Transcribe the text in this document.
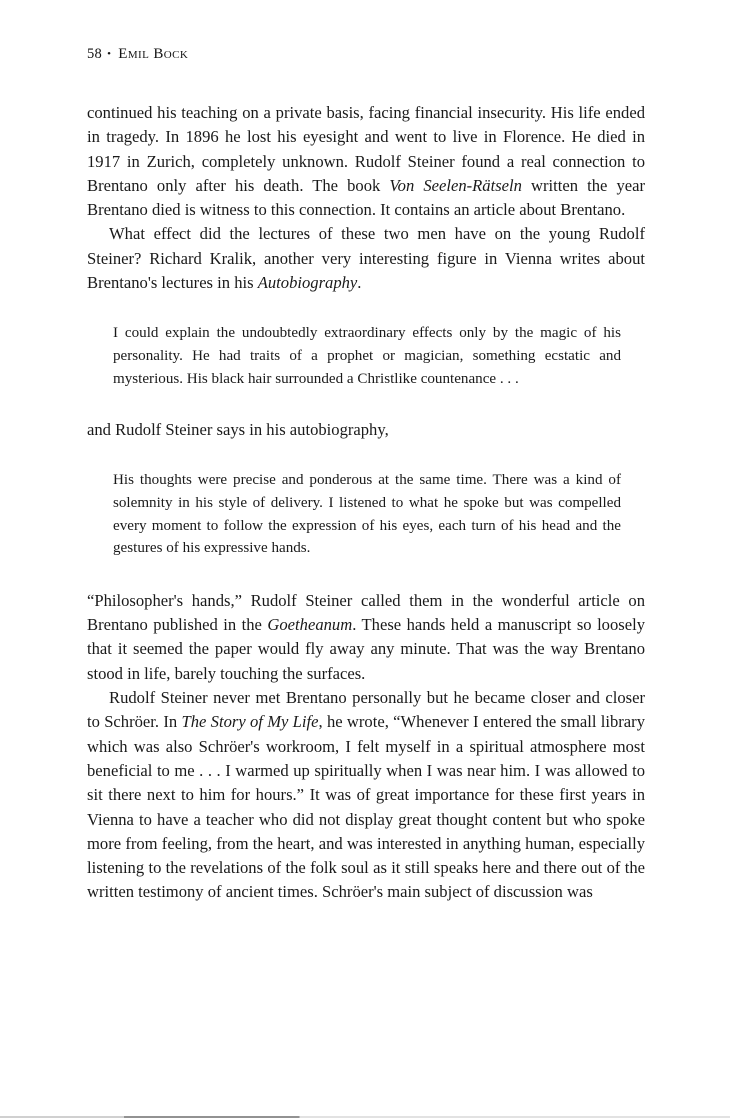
58 • Emil Bock

continued his teaching on a private basis, facing financial insecurity. His life ended in tragedy. In 1896 he lost his eyesight and went to live in Florence. He died in 1917 in Zurich, completely unknown. Rudolf Steiner found a real connection to Brentano only after his death. The book Von Seelen-Rätseln written the year Brentano died is witness to this connection. It contains an article about Brentano.

What effect did the lectures of these two men have on the young Rudolf Steiner? Richard Kralik, another very interesting figure in Vienna writes about Brentano's lectures in his Autobiography.

I could explain the undoubtedly extraordinary effects only by the magic of his personality. He had traits of a prophet or magician, something ecstatic and mysterious. His black hair surrounded a Christlike countenance . . .

and Rudolf Steiner says in his autobiography,

His thoughts were precise and ponderous at the same time. There was a kind of solemnity in his style of delivery. I listened to what he spoke but was compelled every moment to follow the expression of his eyes, each turn of his head and the gestures of his expressive hands.

“Philosopher's hands,” Rudolf Steiner called them in the wonderful article on Brentano published in the Goetheanum. These hands held a manuscript so loosely that it seemed the paper would fly away any minute. That was the way Brentano stood in life, barely touching the surfaces.

Rudolf Steiner never met Brentano personally but he became closer and closer to Schröer. In The Story of My Life, he wrote, “Whenever I entered the small library which was also Schröer's workroom, I felt myself in a spiritual atmosphere most beneficial to me . . . I warmed up spiritually when I was near him. I was allowed to sit there next to him for hours.” It was of great importance for these first years in Vienna to have a teacher who did not display great thought content but who spoke more from feeling, from the heart, and was interested in anything human, especially listening to the revelations of the folk soul as it still speaks here and there out of the written testimony of ancient times. Schröer's main subject of discussion was
